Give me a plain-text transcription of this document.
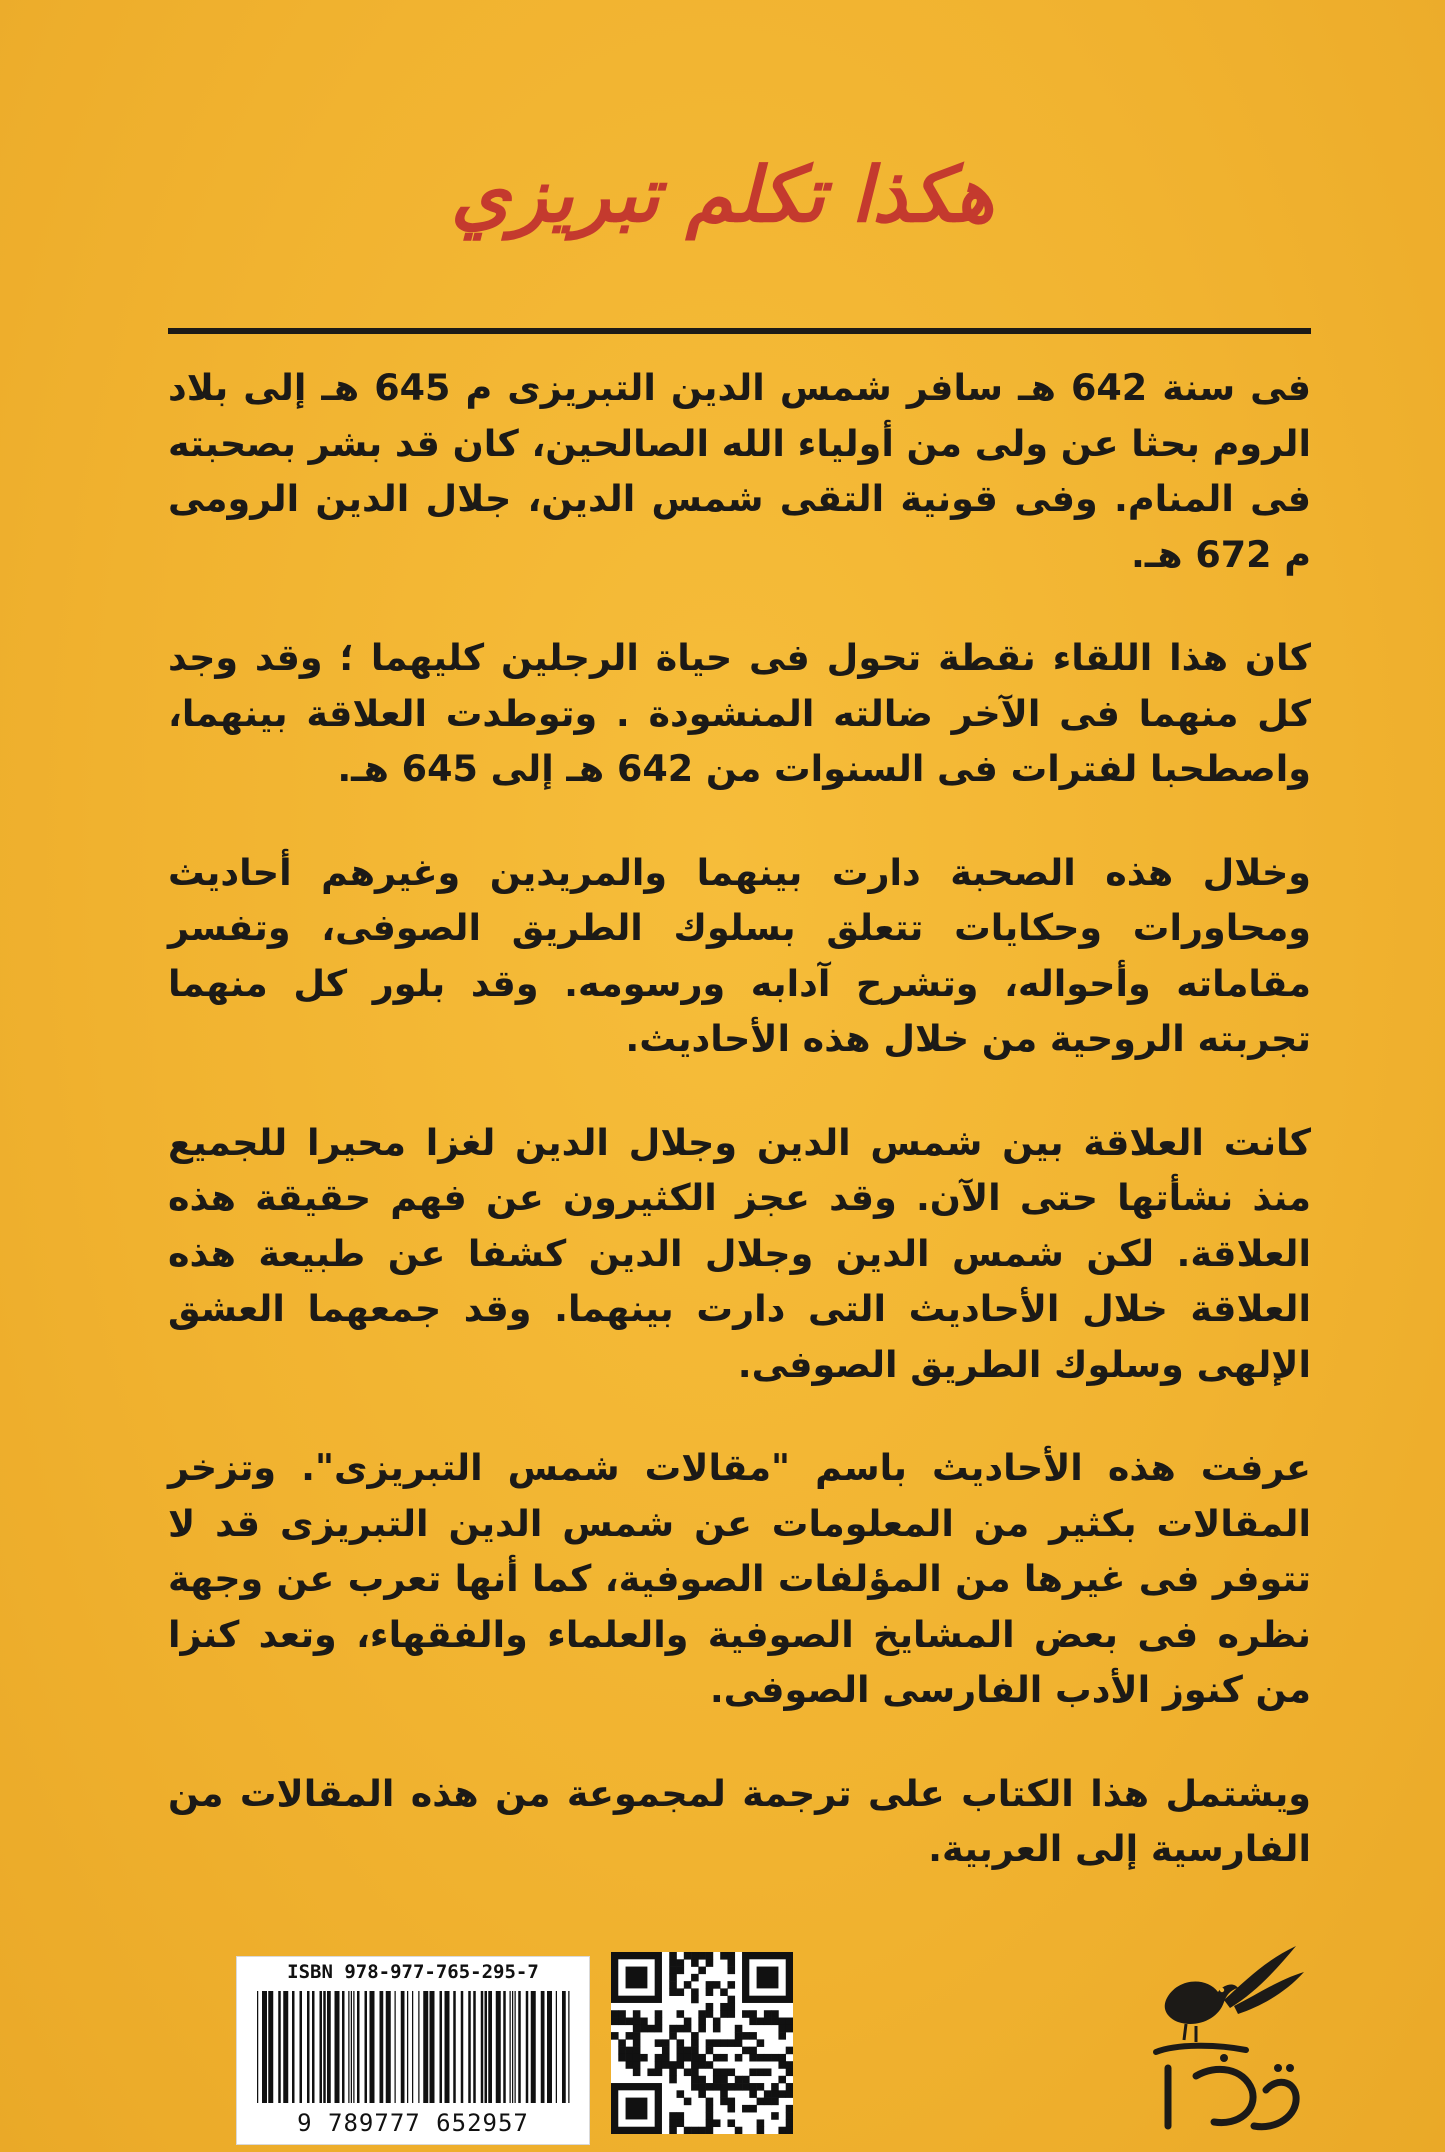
هكذا تكلم تبريزي

فى سنة 642 هـ سافر شمس الدين التبريزى م 645 هـ إلى بلاد الروم بحثا عن ولى من أولياء الله الصالحين، كان قد بشر بصحبته فى المنام. وفى قونية التقى شمس الدين، جلال الدين الرومى م 672 هـ.

كان هذا اللقاء نقطة تحول فى حياة الرجلين كليهما ؛ وقد وجد كل منهما فى الآخر ضالته المنشودة . وتوطدت العلاقة بينهما، واصطحبا لفترات فى السنوات من 642 هـ إلى 645 هـ.

وخلال هذه الصحبة دارت بينهما والمريدين وغيرهم أحاديث ومحاورات وحكايات تتعلق بسلوك الطريق الصوفى، وتفسر مقاماته وأحواله، وتشرح آدابه ورسومه. وقد بلور كل منهما تجربته الروحية من خلال هذه الأحاديث.

كانت العلاقة بين شمس الدين وجلال الدين لغزا محيرا للجميع منذ نشأتها حتى الآن. وقد عجز الكثيرون عن فهم حقيقة هذه العلاقة. لكن شمس الدين وجلال الدين كشفا عن طبيعة هذه العلاقة خلال الأحاديث التى دارت بينهما. وقد جمعهما العشق الإلهى وسلوك الطريق الصوفى.

عرفت هذه الأحاديث باسم "مقالات شمس التبريزى". وتزخر المقالات بكثير من المعلومات عن شمس الدين التبريزى قد لا تتوفر فى غيرها من المؤلفات الصوفية، كما أنها تعرب عن وجهة نظره فى بعض المشايخ الصوفية والعلماء والفقهاء، وتعد كنزا من كنوز الأدب الفارسى الصوفى.

ويشتمل هذا الكتاب على ترجمة لمجموعة من هذه المقالات من الفارسية إلى العربية.

ISBN 978-977-765-295-7
9 789777 652957
